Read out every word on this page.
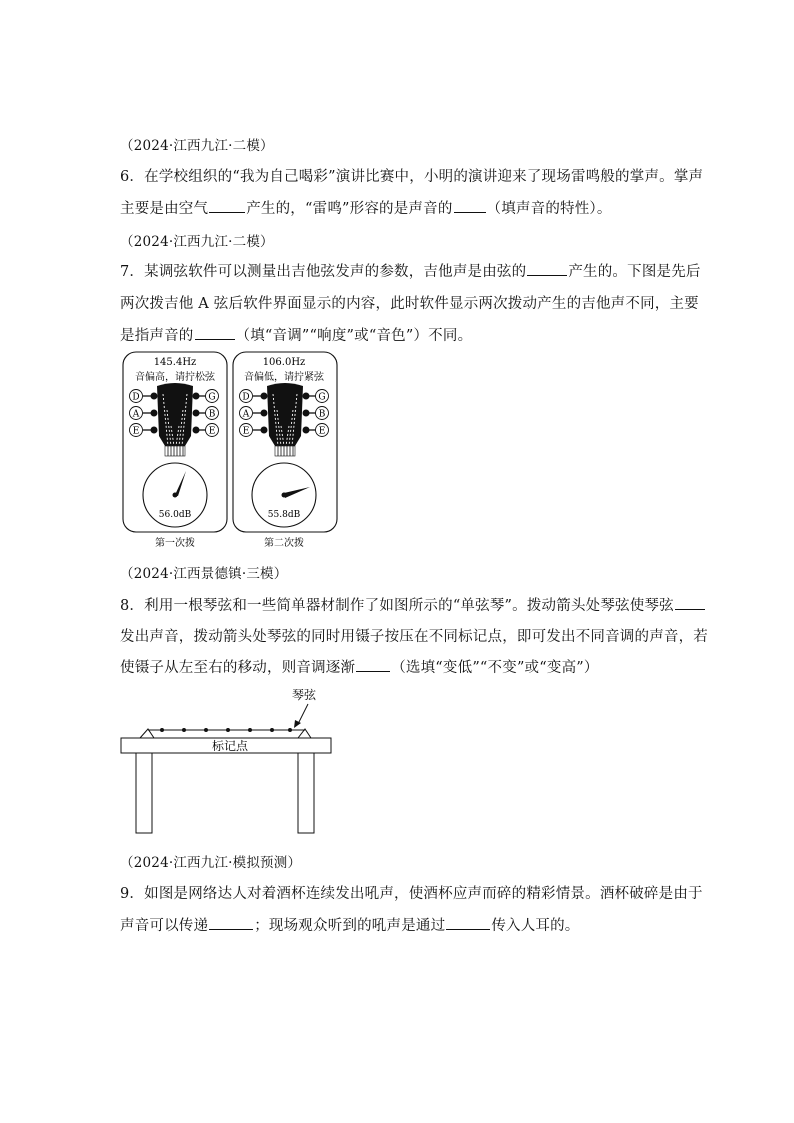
（2024·江西九江·二模）
6．在学校组织的“我为自己喝彩”演讲比赛中，小明的演讲迎来了现场雷鸣般的掌声。掌声
主要是由空气	产生的，“雷鸣”形容的是声音的 （填声音的特性）。
（2024·江西九江·二模）
7．某调弦软件可以测量出吉他弦发声的参数，吉他声是由弦的	产生的。下图是先后
两次拨吉他 A 弦后软件界面显示的内容，此时软件显示两次拨动产生的吉他声不同，主要
是指声音的	（填“音调”“响度”或“音色”）不同。
145.4Hz
音偏高，请拧松弦
D
A
E
G
B
E
56.0dB
第一次拨
106.0Hz
音偏低，请拧紧弦
D
A
E
G
B
E
55.8dB
第二次拨
（2024·江西景德镇·三模）
8．利用一根琴弦和一些简单器材制作了如图所示的“单弦琴”。拨动箭头处琴弦使琴弦
发出声音，拨动箭头处琴弦的同时用镊子按压在不同标记点，即可发出不同音调的声音，若
使镊子从左至右的移动，则音调逐渐 （选填“变低”“不变”或“变高”）
琴弦
标记点
（2024·江西九江·模拟预测）
9．如图是网络达人对着酒杯连续发出吼声，使酒杯应声而碎的精彩情景。酒杯破碎是由于
声音可以传递	；现场观众听到的吼声是通过	传入人耳的。
